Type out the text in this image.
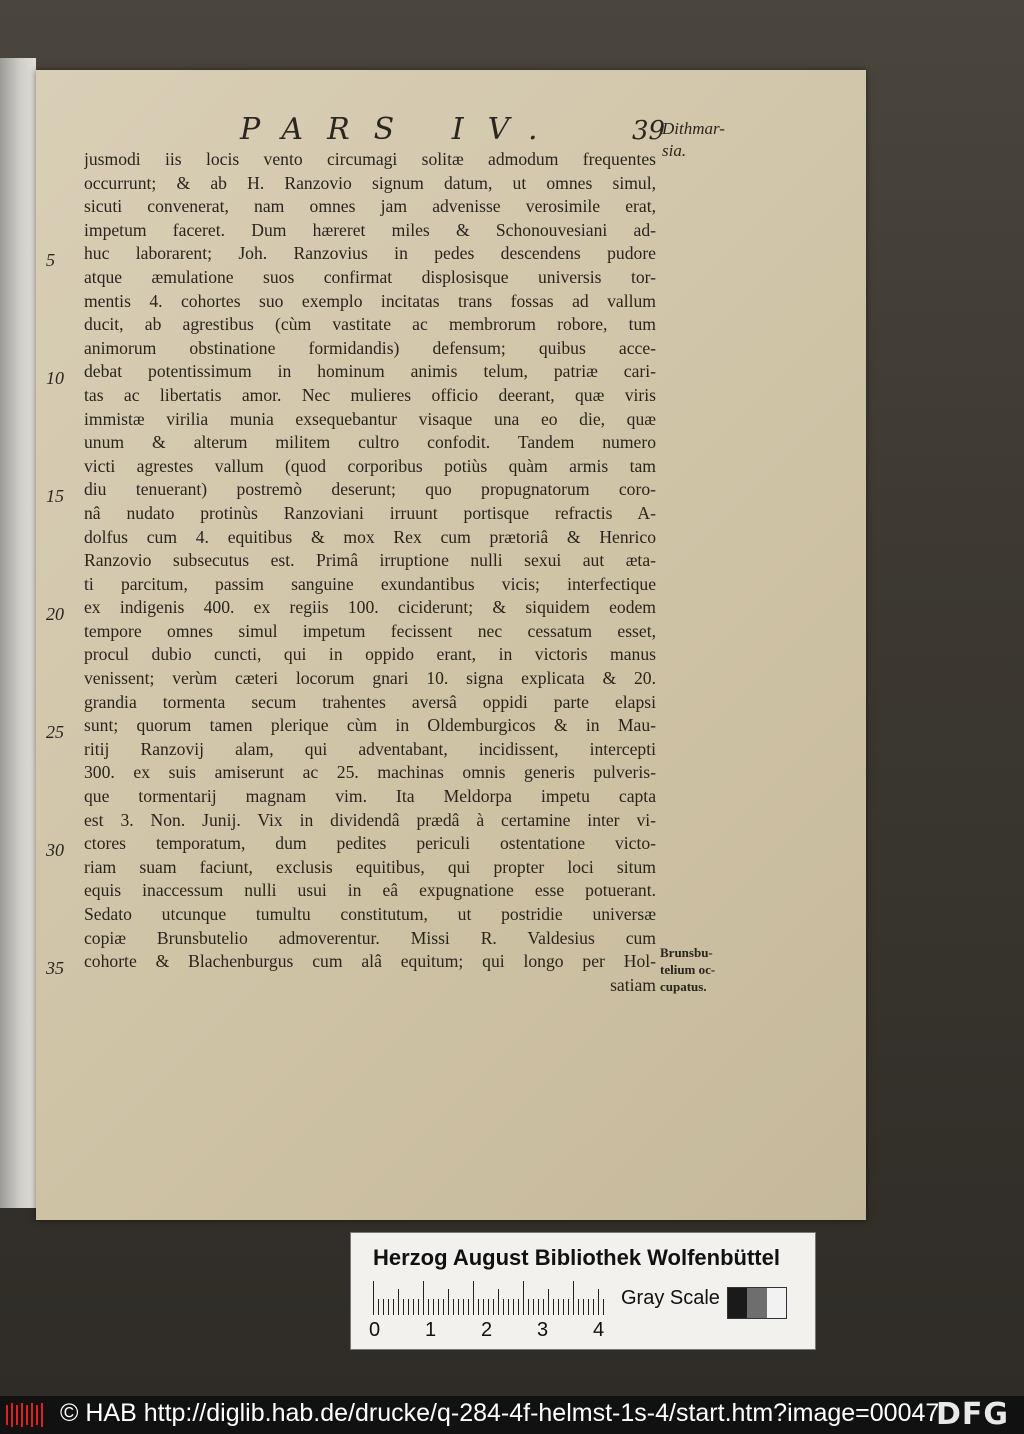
PARS IV.	39
Dithmar-
sia.
Brunsbu-
telium oc-
cupatus.
5
10
15
20
25
30
35
jusmodi iis locis vento circumagi solitæ admodum frequentes
occurrunt; & ab H. Ranzovio signum datum, ut omnes simul,
sicuti convenerat, nam omnes jam advenisse verosimile erat,
impetum faceret. Dum hæreret miles & Schonouvesiani ad-
huc laborarent; Joh. Ranzovius in pedes descendens pudore
atque æmulatione suos confirmat displosisque universis tor-
mentis 4. cohortes suo exemplo incitatas trans fossas ad vallum
ducit, ab agrestibus (cùm vastitate ac membrorum robore, tum
animorum obstinatione formidandis) defensum; quibus acce-
debat potentissimum in hominum animis telum, patriæ cari-
tas ac libertatis amor. Nec mulieres officio deerant, quæ viris
immistæ virilia munia exsequebantur visaque una eo die, quæ
unum & alterum militem cultro confodit. Tandem numero
victi agrestes vallum (quod corporibus potiùs quàm armis tam
diu tenuerant) postremò deserunt; quo propugnatorum coro-
nâ nudato protinùs Ranzoviani irruunt portisque refractis A-
dolfus cum 4. equitibus & mox Rex cum prætoriâ & Henrico
Ranzovio subsecutus est. Primâ irruptione nulli sexui aut æta-
ti parcitum, passim sanguine exundantibus vicis; interfectique
ex indigenis 400. ex regiis 100. ciciderunt; & siquidem eodem
tempore omnes simul impetum fecissent nec cessatum esset,
procul dubio cuncti, qui in oppido erant, in victoris manus
venissent; verùm cæteri locorum gnari 10. signa explicata & 20.
grandia tormenta secum trahentes aversâ oppidi parte elapsi
sunt; quorum tamen plerique cùm in Oldemburgicos & in Mau-
ritij Ranzovij alam, qui adventabant, incidissent, intercepti
300. ex suis amiserunt ac 25. machinas omnis generis pulveris-
que tormentarij magnam vim. Ita Meldorpa impetu capta
est 3. Non. Junij. Vix in dividendâ prædâ à certamine inter vi-
ctores temporatum, dum pedites periculi ostentatione victo-
riam suam faciunt, exclusis equitibus, qui propter loci situm
equis inaccessum nulli usui in eâ expugnatione esse potuerant.
Sedato utcunque tumultu constitutum, ut postridie universæ
copiæ Brunsbutelio admoverentur. Missi R. Valdesius cum
cohorte & Blachenburgus cum alâ equitum; qui longo per Hol-
satiam
Herzog August Bibliothek Wolfenbüttel
0 1 2 3 4
Gray Scale
© HAB http://diglib.hab.de/drucke/q-284-4f-helmst-1s-4/start.htm?image=00047
DFG
